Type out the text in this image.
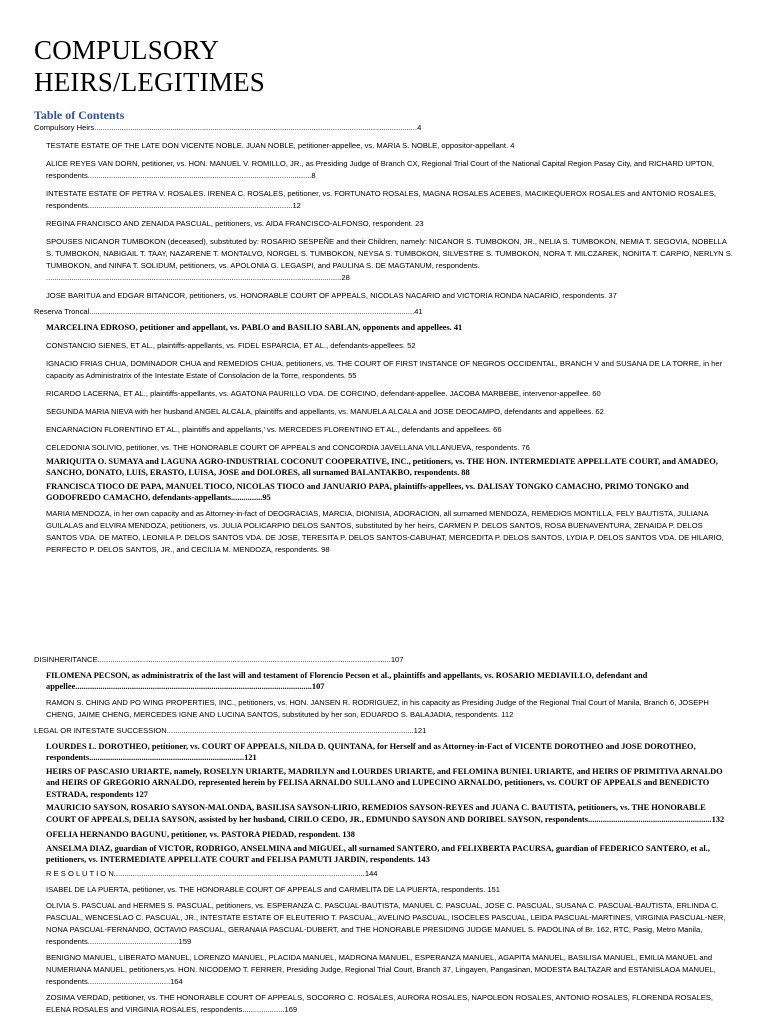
COMPULSORY
HEIRS/LEGITIMES
Table of Contents

Compulsory Heirs.........................................................................................................................................................4

TESTATE ESTATE OF THE LATE DON VICENTE NOBLE. JUAN NOBLE, petitioner-appellee, vs. MARIA S. NOBLE, oppositor-appellant. 4

ALICE REYES VAN DORN, petitioner, vs. HON. MANUEL V. ROMILLO, JR., as Presiding Judge of Branch CX, Regional Trial Court of the National Capital Region Pasay City, and RICHARD UPTON, respondents..........................................................................................................8

INTESTATE ESTATE OF PETRA V. ROSALES. IRENEA C. ROSALES, petitioner, vs. FORTUNATO ROSALES, MAGNA ROSALES ACEBES, MACIKEQUEROX ROSALES and ANTONIO ROSALES, respondents.................................................................................................12

REGINA FRANCISCO AND ZENAIDA PASCUAL, petitioners, vs. AIDA FRANCISCO-ALFONSO, respondent. 23

SPOUSES NICANOR TUMBOKON (deceased), substituted by: ROSARIO SESPEÑE and their Children, namely: NICANOR S. TUMBOKON, JR., NELIA S. TUMBOKON, NEMIA T. SEGOVIA, NOBELLA S. TUMBOKON, NABIGAIL T. TAAY, NAZARENE T. MONTALVO, NORGEL S. TUMBOKON, NEYSA S. TUMBOKON, SILVESTRE S. TUMBOKON, NORA T. MILCZAREK, NONITA T. CARPIO, NERLYN S. TUMBOKON, and NINFA T. SOLIDUM, petitioners, vs. APOLONIA G. LEGASPI, and PAULINA S. DE MAGTANUM, respondents. ............................................................................................................................................28

JOSE BARITUA and EDGAR BITANCOR, petitioners, vs. HONORABLE COURT OF APPEALS, NICOLAS NACARIO and VICTORIA RONDA NACARIO, respondents. 37

Reserva Troncal..........................................................................................................................................................41

MARCELINA EDROSO, petitioner and appellant, vs. PABLO and BASILIO SABLAN, opponents and appellees. 41

CONSTANCIO SIENES, ET AL., plaintiffs-appellants, vs. FIDEL ESPARCIA, ET AL., defendants-appellees. 52

IGNACIO FRIAS CHUA, DOMINADOR CHUA and REMEDIOS CHUA, petitioners, vs. THE COURT OF FIRST INSTANCE OF NEGROS OCCIDENTAL, BRANCH V and SUSANA DE LA TORRE, in her capacity as Administratrix of the Intestate Estate of Consolacion de la Torre, respondents. 55

RICARDO LACERNA, ET AL., plaintiffs-appellants, vs. AGATONA PAURILLO VDA. DE CORCINO, defendant-appellee. JACOBA MARBEBE, intervenor-appellee. 60

SEGUNDA MARIA NIEVA with her husband ANGEL ALCALA, plaintiffs and appellants, vs. MANUELA ALCALA and JOSE DEOCAMPO, defendants and appellees. 62

ENCARNACION FLORENTINO ET AL., plaintiffs and appellants,' vs. MERCEDES FLORENTINO ET AL., defendants and appellees. 66

CELEDONIA SOLIVIO, petitioner, vs. THE HONORABLE COURT OF APPEALS and CONCORDIA JAVELLANA VILLANUEVA, respondents. 76

MARIQUITA O. SUMAYA and LAGUNA AGRO-INDUSTRIAL COCONUT COOPERATIVE, INC., petitioners, vs. THE HON. INTERMEDIATE APPELLATE COURT, and AMADEO, SANCHO, DONATO, LUIS, ERASTO, LUISA, JOSE and DOLORES, all surnamed BALANTAKBO, respondents. 88

FRANCISCA TIOCO DE PAPA, MANUEL TIOCO, NICOLAS TIOCO and JANUARIO PAPA, plaintiffs-appellees, vs. DALISAY TONGKO CAMACHO, PRIMO TONGKO and GODOFREDO CAMACHO, defendants-appellants...............95

MARIA MENDOZA, in her own capacity and as Attorney-in-fact of DEOGRACIAS, MARCIA, DIONISIA, ADORACION, all surnamed MENDOZA, REMEDIOS MONTILLA, FELY BAUTISTA, JULIANA GUILALAS and ELVIRA MENDOZA, petitioners, vs. JULIA POLICARPIO DELOS SANTOS, substituted by her heirs, CARMEN P. DELOS SANTOS, ROSA BUENAVENTURA, ZENAIDA P. DELOS SANTOS VDA. DE MATEO, LEONILA P. DELOS SANTOS VDA. DE JOSE, TERESITA P. DELOS SANTOS-CABUHAT, MERCEDITA P. DELOS SANTOS, LYDIA P. DELOS SANTOS VDA. DE HILARIO, PERFECTO P. DELOS SANTOS, JR., and CECILIA M. MENDOZA, respondents. 98

DISINHERITANCE...........................................................................................................................................107

FILOMENA PECSON, as administratrix of the last will and testament of Florencio Pecson et al., plaintiffs and appellants, vs. ROSARIO MEDIAVILLO, defendant and appellee.................................................................................................................107

RAMON S. CHING AND PO WING PROPERTIES, INC., petitioners, vs. HON. JANSEN R. RODRIGUEZ, in his capacity as Presiding Judge of the Regional Trial Court of Manila, Branch 6, JOSEPH CHENG, JAIME CHENG, MERCEDES IGNE AND LUCINA SANTOS, substituted by her son, EDUARDO S. BALAJADIA, respondents. 112

LEGAL OR INTESTATE SUCCESSION.....................................................................................................................121

LOURDES L. DOROTHEO, petitioner, vs. COURT OF APPEALS, NILDA D. QUINTANA, for Herself and as Attorney-in-Fact of VICENTE DOROTHEO and JOSE DOROTHEO, respondents..........................................................................121

HEIRS OF PASCASIO URIARTE, namely, ROSELYN URIARTE, MADRILYN and LOURDES URIARTE, and FELOMINA BUNIEL URIARTE, and HEIRS OF PRIMITIVA ARNALDO and HEIRS OF GREGORIO ARNALDO, represented herein by FELISA ARNALDO SULLANO and LUPECINO ARNALDO, petitioners, vs. COURT OF APPEALS and BENEDICTO ESTRADA, respondents 127

MAURICIO SAYSON, ROSARIO SAYSON-MALONDA, BASILISA SAYSON-LIRIO, REMEDIOS SAYSON-REYES and JUANA C. BAUTISTA, petitioners, vs. THE HONORABLE COURT OF APPEALS, DELIA SAYSON, assisted by her husband, CIRILO CEDO, JR., EDMUNDO SAYSON AND DORIBEL SAYSON, respondents...........................................................132

OFELIA HERNANDO BAGUNU, petitioner, vs. PASTORA PIEDAD, respondent. 138

ANSELMA DIAZ, guardian of VICTOR, RODRIGO, ANSELMINA and MIGUEL, all surnamed SANTERO, and FELIXBERTA PACURSA, guardian of FEDERICO SANTERO, et al., petitioners, vs. INTERMEDIATE APPELLATE COURT and FELISA PAMUTI JARDIN, respondents. 143

R E S O L U T I O N.......................................................................................................................144

ISABEL DE LA PUERTA, petitioner, vs. THE HONORABLE COURT OF APPEALS and CARMELITA DE LA PUERTA, respondents. 151

OLIVIA S. PASCUAL and HERMES S. PASCUAL, petitioners, vs. ESPERANZA C. PASCUAL-BAUTISTA, MANUEL C. PASCUAL, JOSE C. PASCUAL, SUSANA C. PASCUAL-BAUTISTA, ERLINDA C. PASCUAL, WENCESLAO C. PASCUAL, JR., INTESTATE ESTATE OF ELEUTERIO T. PASCUAL, AVELINO PASCUAL, ISOCELES PASCUAL, LEIDA PASCUAL-MARTINES, VIRGINIA PASCUAL-NER, NONA PASCUAL-FERNANDO, OCTAVIO PASCUAL, GERANAIA PASCUAL-DUBERT, and THE HONORABLE PRESIDING JUDGE MANUEL S. PADOLINA of Br. 162, RTC, Pasig, Metro Manila, respondents...........................................159

BENIGNO MANUEL, LIBERATO MANUEL, LORENZO MANUEL, PLACIDA MANUEL, MADRONA MANUEL, ESPERANZA MANUEL, AGAPITA MANUEL, BASILISA MANUEL, EMILIA MANUEL and NUMERIANA MANUEL, petitioners,vs. HON. NICODEMO T. FERRER, Presiding Judge, Regional Trial Court, Branch 37, Lingayen, Pangasinan, MODESTA BALTAZAR and ESTANISLAOA MANUEL, respondents.......................................164

ZOSIMA VERDAD, petitioner, vs. THE HONORABLE COURT OF APPEALS, SOCORRO C. ROSALES, AURORA ROSALES, NAPOLEON ROSALES, ANTONIO ROSALES, FLORENDA ROSALES, ELENA ROSALES and VIRGINIA ROSALES, respondents....................169
